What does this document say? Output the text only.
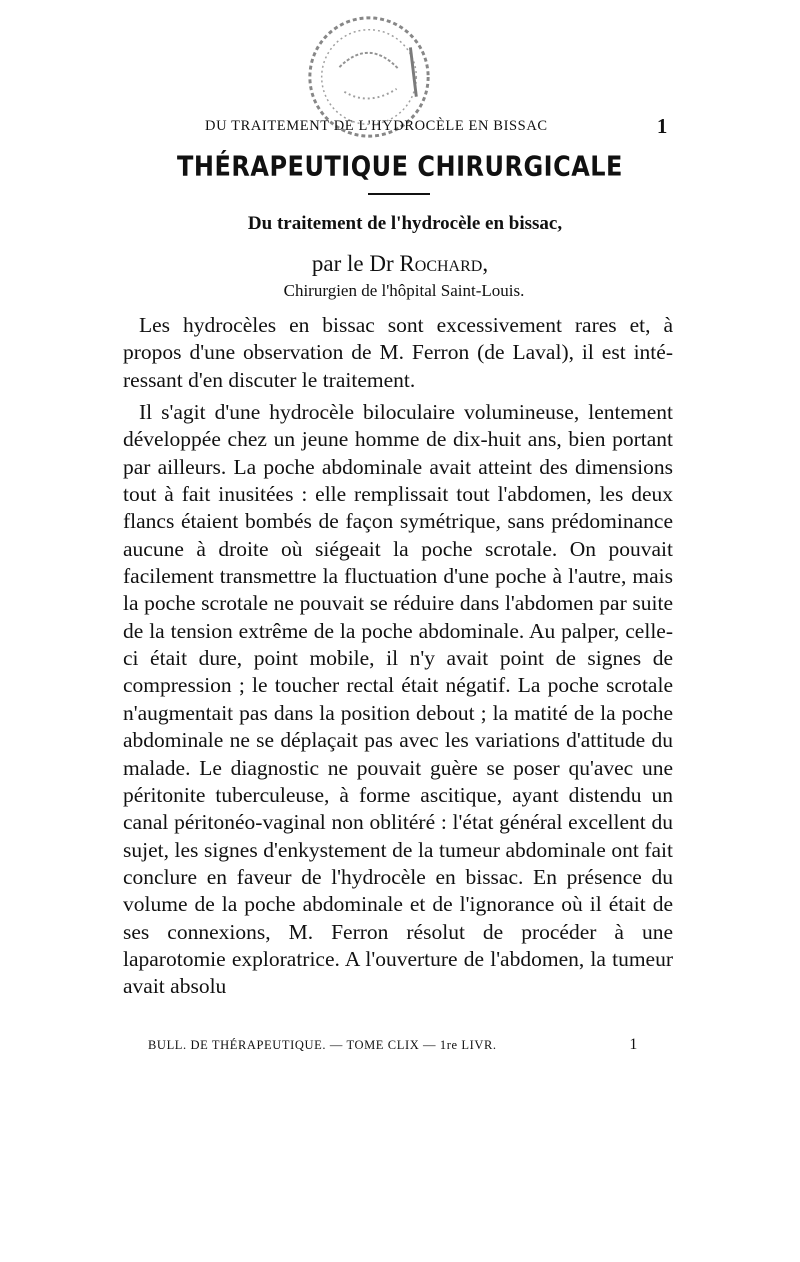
DU TRAITEMENT DE L'HYDROCÈLE EN BISSAC	1
THÉRAPEUTIQUE CHIRURGICALE
Du traitement de l'hydrocèle en bissac,
par le Dr Rochard,
Chirurgien de l'hôpital Saint-Louis.

Les hydrocèles en bissac sont excessivement rares et, à propos d'une observation de M. Ferron (de Laval), il est intéressant d'en discuter le traitement.

Il s'agit d'une hydrocèle biloculaire volumineuse, lentement développée chez un jeune homme de dix-huit ans, bien portant par ailleurs. La poche abdominale avait atteint des dimensions tout à fait inusitées : elle remplissait tout l'abdomen, les deux flancs étaient bombés de façon symétrique, sans prédominance aucune à droite où siégeait la poche scrotale. On pouvait facilement transmettre la fluctuation d'une poche à l'autre, mais la poche scrotale ne pouvait se réduire dans l'abdomen par suite de la tension extrême de la poche abdominale. Au palper, celle-ci était dure, point mobile, il n'y avait point de signes de compression ; le toucher rectal était négatif. La poche scrotale n'augmentait pas dans la position debout ; la matité de la poche abdominale ne se déplaçait pas avec les variations d'attitude du malade. Le diagnostic ne pouvait guère se poser qu'avec une péritonite tuberculeuse, à forme ascitique, ayant distendu un canal péritonéo-vaginal non oblitéré : l'état général excellent du sujet, les signes d'enkystement de la tumeur abdominale ont fait conclure en faveur de l'hydrocèle en bissac. En présence du volume de la poche abdominale et de l'ignorance où il était de ses connexions, M. Ferron résolut de procéder à une laparotomie exploratrice. A l'ouverture de l'abdomen, la tumeur avait absolu

BULL. DE THÉRAPEUTIQUE. — TOME CLIX — 1re LIVR.	1
